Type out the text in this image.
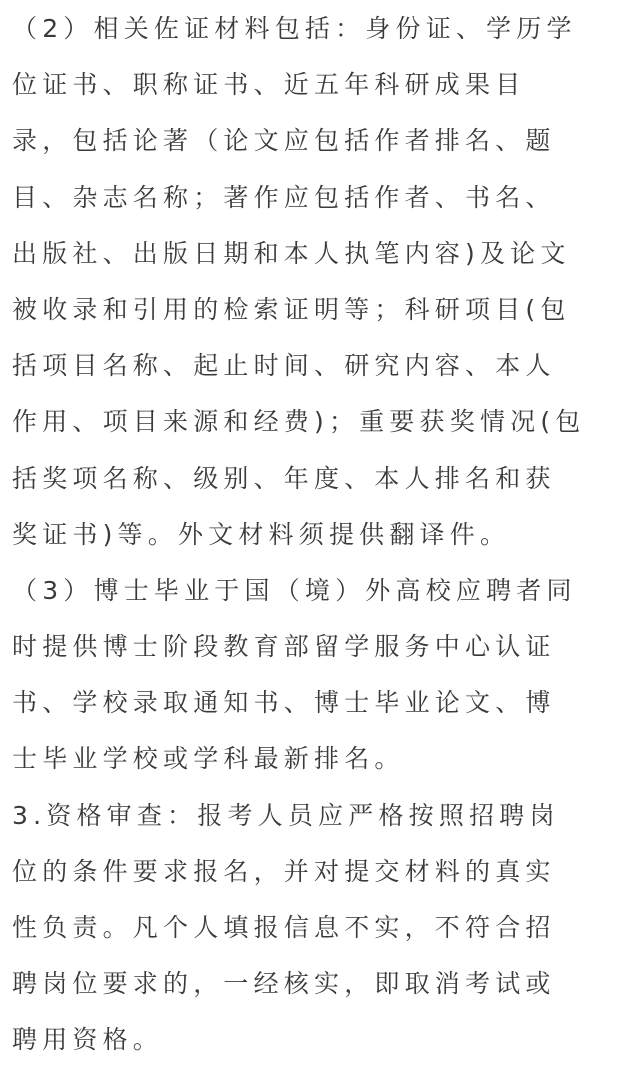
（2）相关佐证材料包括：身份证、学历学
位证书、职称证书、近五年科研成果目
录，包括论著（论文应包括作者排名、题
目、杂志名称；著作应包括作者、书名、
出版社、出版日期和本人执笔内容)及论文
被收录和引用的检索证明等；科研项目(包
括项目名称、起止时间、研究内容、本人
作用、项目来源和经费)；重要获奖情况(包
括奖项名称、级别、年度、本人排名和获
奖证书)等。外文材料须提供翻译件。
（3）博士毕业于国（境）外高校应聘者同
时提供博士阶段教育部留学服务中心认证
书、学校录取通知书、博士毕业论文、博
士毕业学校或学科最新排名。
3.资格审查：报考人员应严格按照招聘岗
位的条件要求报名，并对提交材料的真实
性负责。凡个人填报信息不实，不符合招
聘岗位要求的，一经核实，即取消考试或
聘用资格。
